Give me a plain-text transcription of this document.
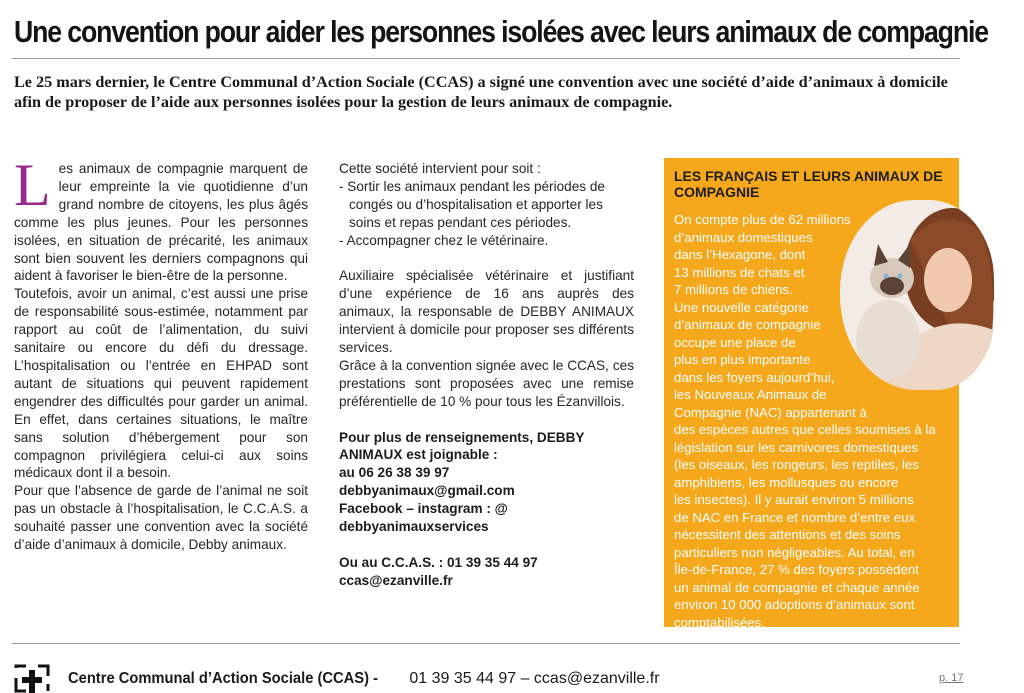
Une convention pour aider les personnes isolées avec leurs animaux de compagnie

Le 25 mars dernier, le Centre Communal d’Action Sociale (CCAS) a signé une convention avec une société d’aide d’animaux à domicile afin de proposer de l’aide aux personnes isolées pour la gestion de leurs animaux de compagnie.

L es animaux de compagnie marquent de leur empreinte la vie quotidienne d’un grand nombre de citoyens, les plus âgés comme les plus jeunes. Pour les personnes isolées, en situation de précarité, les animaux sont bien souvent les derniers compagnons qui aident à favoriser le bien-être de la personne.

Toutefois, avoir un animal, c’est aussi une prise de responsabilité sous-estimée, notamment par rapport au coût de l’alimentation, du suivi sanitaire ou encore du défi du dressage. L’hospitalisation ou l’entrée en EHPAD sont autant de situations qui peuvent rapidement engendrer des difficultés pour garder un animal. En effet, dans certaines situations, le maître sans solution d’hébergement pour son compagnon privilégiera celui-ci aux soins médicaux dont il a besoin.

Pour que l’absence de garde de l’animal ne soit pas un obstacle à l’hospitalisation, le C.C.A.S. a souhaité passer une convention avec la société d’aide d’animaux à domicile, Debby animaux.

Cette société intervient pour soit :

- Sortir les animaux pendant les périodes de congés ou d’hospitalisation et apporter les soins et repas pendant ces périodes.
- Accompagner chez le vétérinaire.

Auxiliaire spécialisée vétérinaire et justifiant d’une expérience de 16 ans auprès des animaux, la responsable de DEBBY ANIMAUX intervient à domicile pour proposer ses différents services.

Grâce à la convention signée avec le CCAS, ces prestations sont proposées avec une remise préférentielle de 10 % pour tous les Ézanvillois.

Pour plus de renseignements, DEBBY ANIMAUX est joignable :

au 06 26 38 39 97

debbyanimaux@gmail.com

Facebook – instagram : @ debbyanimauxservices

Ou au C.C.A.S. : 01 39 35 44 97

ccas@ezanville.fr

LES FRANÇAIS ET LEURS ANIMAUX DE COMPAGNIE

On compte plus de 62 millions
d’animaux domestiques
dans l’Hexagone, dont
13 millions de chats et
7 millions de chiens.
Une nouvelle catégorie
d’animaux de compagnie
occupe une place de
plus en plus importante
dans les foyers aujourd’hui,
les Nouveaux Animaux de
Compagnie (NAC) appartenant à
des espèces autres que celles soumises à la
législation sur les carnivores domestiques
(les oiseaux, les rongeurs, les reptiles, les
amphibiens, les mollusques ou encore
les insectes). Il y aurait environ 5 millions
de NAC en France et nombre d’entre eux
nécessitent des attentions et des soins
particuliers non négligeables. Au total, en
Île-de-France, 27 % des foyers possèdent
un animal de compagnie et chaque année
environ 10 000 adoptions d’animaux sont
comptabilisées.

Centre Communal d’Action Sociale (CCAS) - 01 39 35 44 97 – ccas@ezanville.fr	p. 17
